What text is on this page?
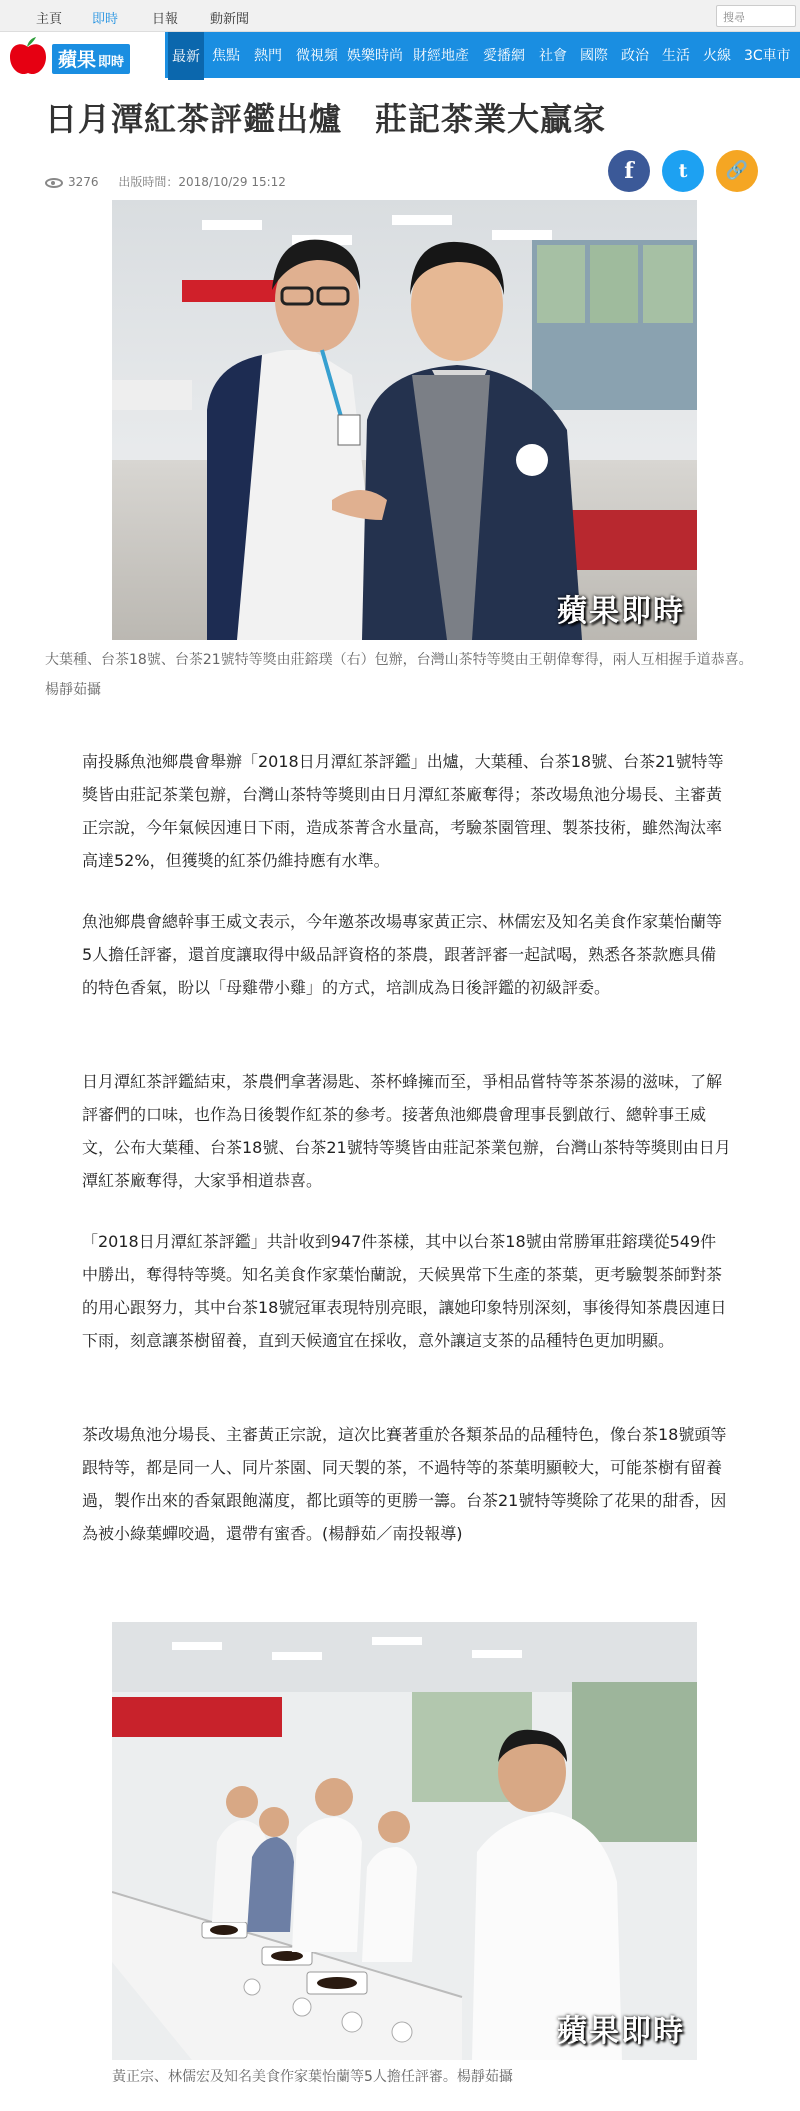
主頁 即時	日報 動新聞	搜尋
蘋果 即時	最新 焦點 熱門 微視頻 娛樂時尚 財經地產 愛播網 社會 國際 政治 生活 火線 3C車市
日月潭紅茶評鑑出爐　莊記茶業大贏家
3276 出版時間：2018/10/29 15:12	f	t	🔗
蘋果即時
大葉種、台茶18號、台茶21號特等獎由莊鎔璞（右）包辦，台灣山茶特等獎由王朝偉奪得，兩人互相握手道恭喜。楊靜茹攝

南投縣魚池鄉農會舉辦「2018日月潭紅茶評鑑」出爐，大葉種、台茶18號、台茶21號特等獎皆由莊記茶業包辦，台灣山茶特等獎則由日月潭紅茶廠奪得；茶改場魚池分場長、主審黃正宗說，今年氣候因連日下雨，造成茶菁含水量高，考驗茶園管理、製茶技術，雖然淘汰率高達52%，但獲獎的紅茶仍維持應有水準。

魚池鄉農會總幹事王威文表示，今年邀茶改場專家黃正宗、林儒宏及知名美食作家葉怡蘭等5人擔任評審，還首度讓取得中級品評資格的茶農，跟著評審一起試喝，熟悉各茶款應具備的特色香氣，盼以「母雞帶小雞」的方式，培訓成為日後評鑑的初級評委。

日月潭紅茶評鑑結束，茶農們拿著湯匙、茶杯蜂擁而至，爭相品嘗特等茶茶湯的滋味，了解評審們的口味，也作為日後製作紅茶的參考。接著魚池鄉農會理事長劉啟行、總幹事王威文，公布大葉種、台茶18號、台茶21號特等獎皆由莊記茶業包辦，台灣山茶特等獎則由日月潭紅茶廠奪得，大家爭相道恭喜。

「2018日月潭紅茶評鑑」共計收到947件茶樣，其中以台茶18號由常勝軍莊鎔璞從549件中勝出，奪得特等獎。知名美食作家葉怡蘭說，天候異常下生產的茶葉，更考驗製茶師對茶的用心跟努力，其中台茶18號冠軍表現特別亮眼，讓她印象特別深刻，事後得知茶農因連日下雨，刻意讓茶樹留養，直到天候適宜在採收，意外讓這支茶的品種特色更加明顯。

茶改場魚池分場長、主審黃正宗說，這次比賽著重於各類茶品的品種特色，像台茶18號頭等跟特等，都是同一人、同片茶園、同天製的茶，不過特等的茶葉明顯較大，可能茶樹有留養過，製作出來的香氣跟飽滿度，都比頭等的更勝一籌。台茶21號特等獎除了花果的甜香，因為被小綠葉蟬咬過，還帶有蜜香。(楊靜茹／南投報導)

蘋果即時
黃正宗、林儒宏及知名美食作家葉怡蘭等5人擔任評審。楊靜茹攝
